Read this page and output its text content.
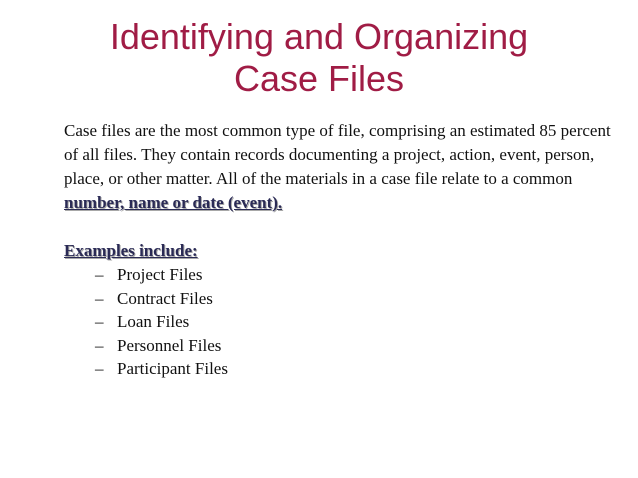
Identifying and Organizing
Case Files

Case files are the most common type of file, comprising an estimated 85 percent of all files. They contain records documenting a project, action, event, person, place, or other matter. All of the materials in a case file relate to a common number, name or date (event).

Examples include:

– Project Files
– Contract Files
– Loan Files
– Personnel Files
– Participant Files
